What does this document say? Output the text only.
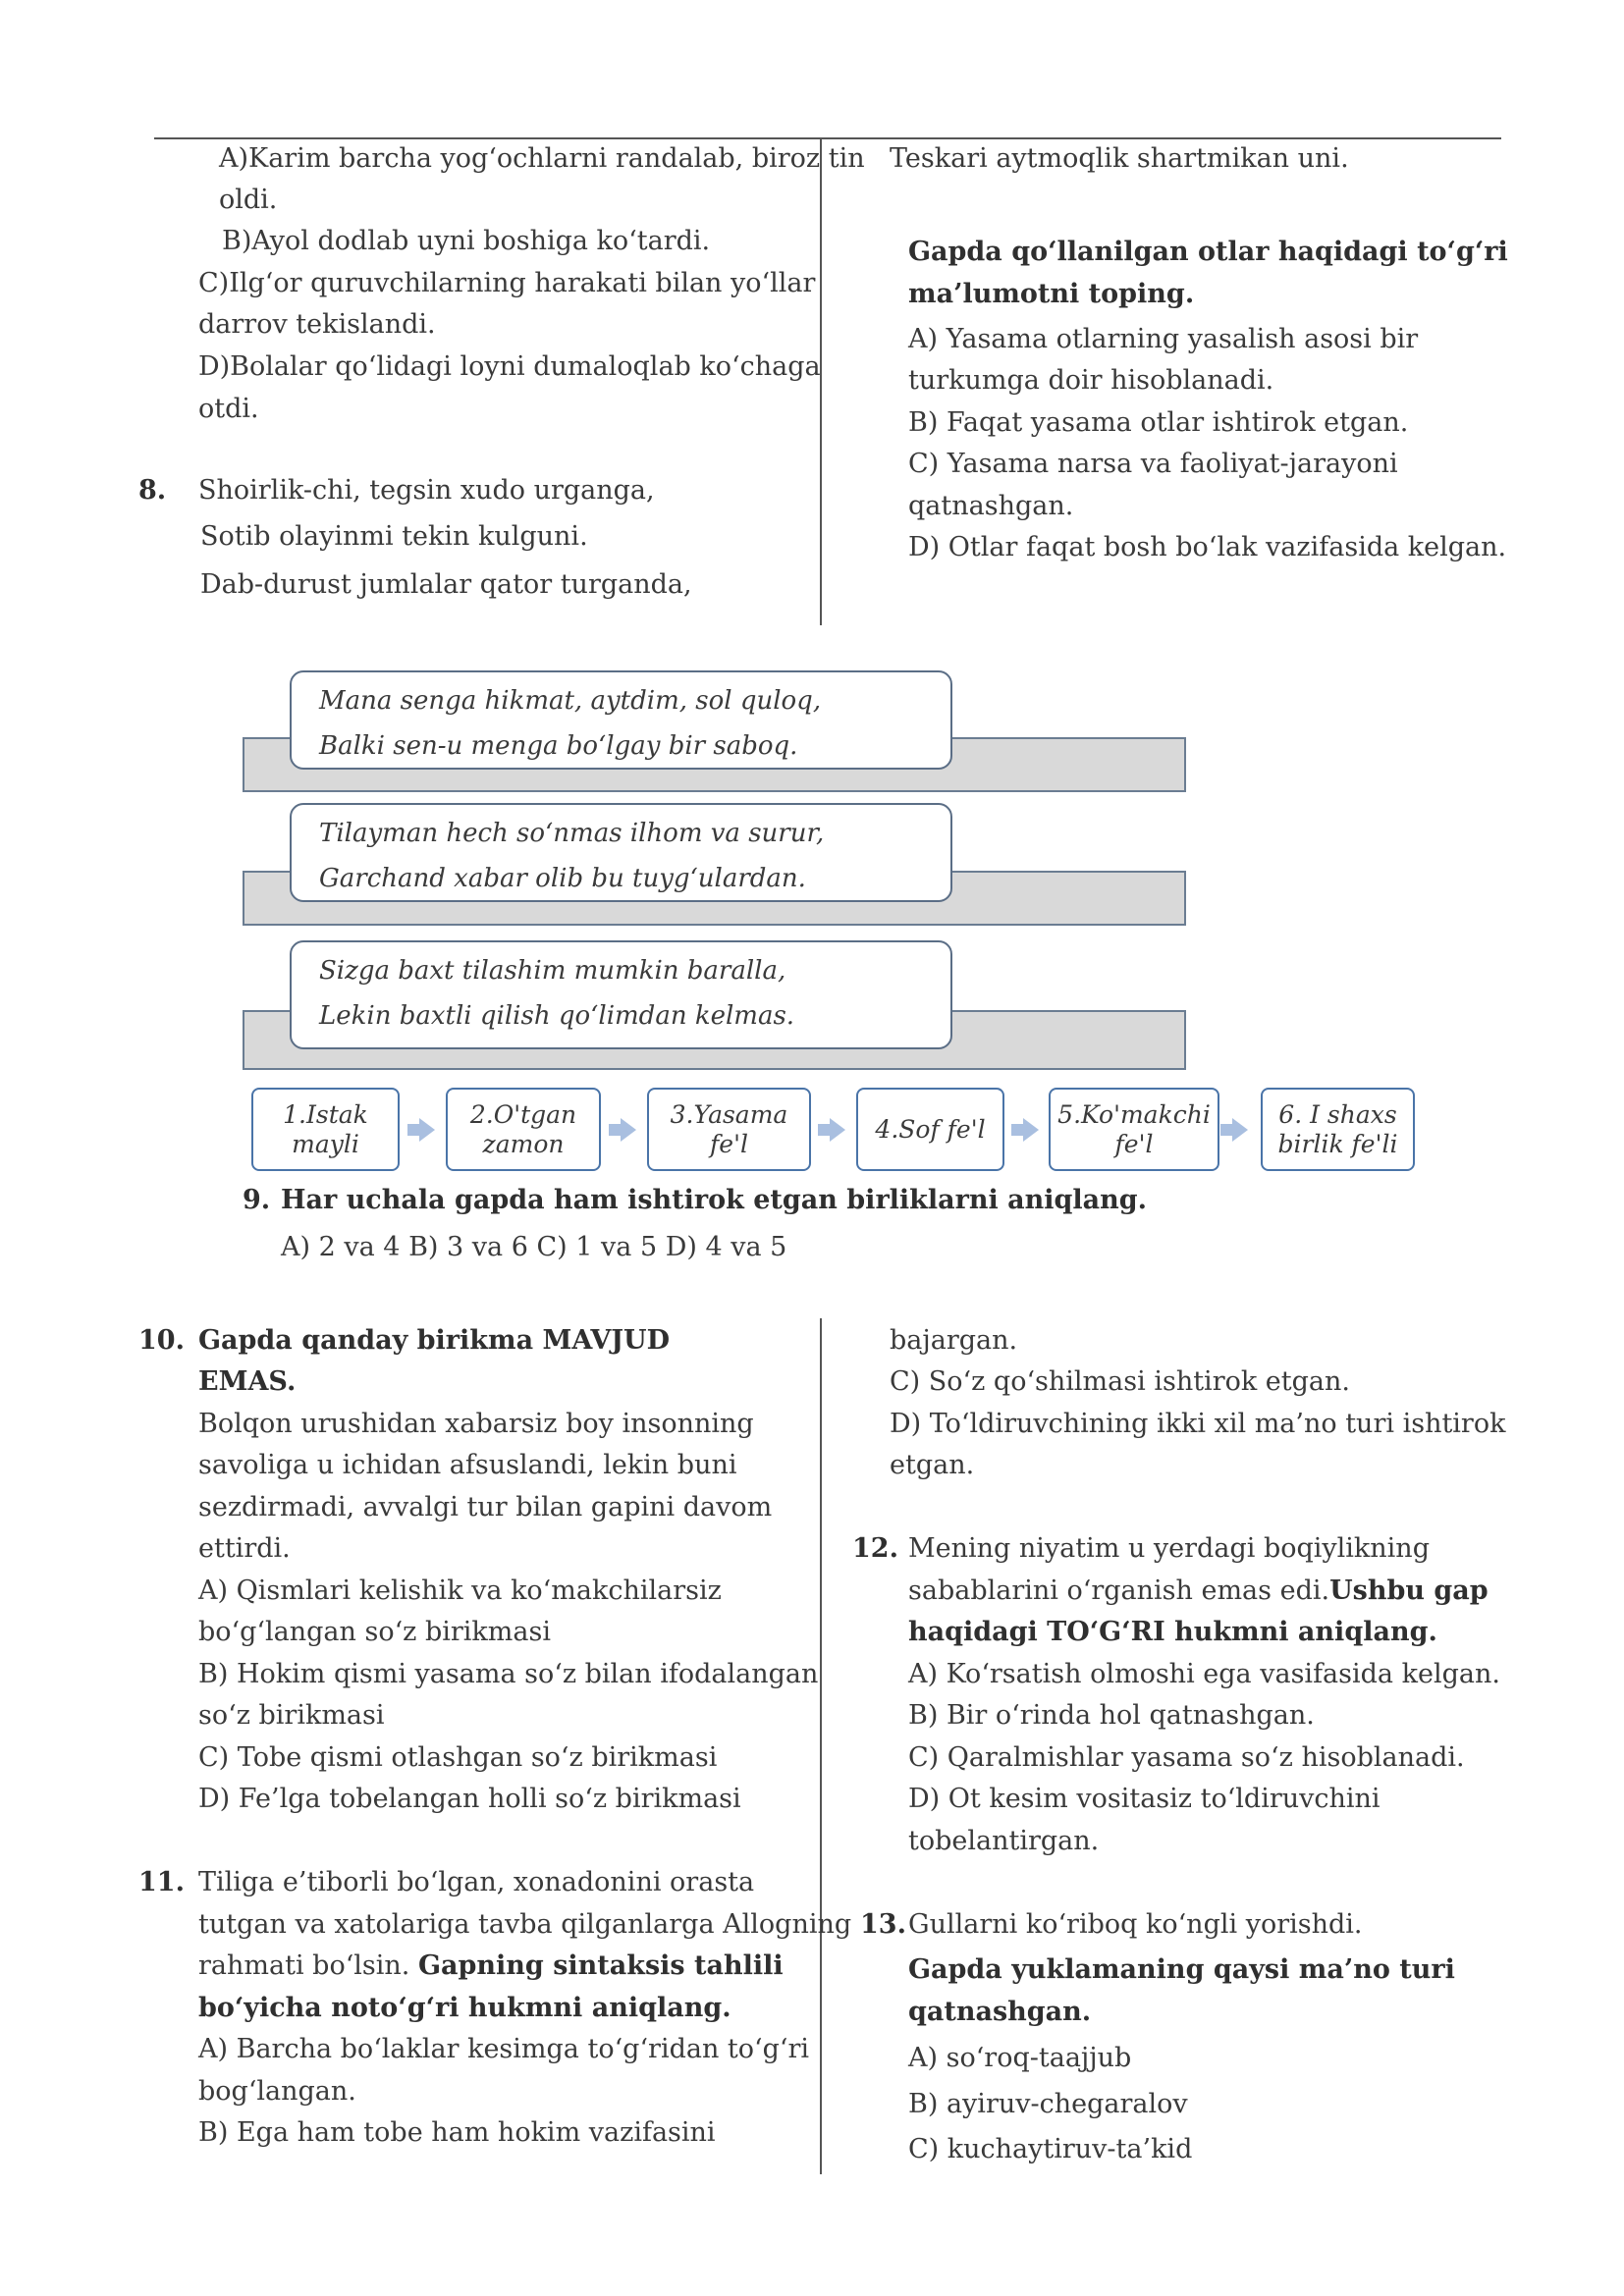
A)Karim barcha yog‘ochlarni randalab, biroz tin
oldi.
B)Ayol dodlab uyni boshiga ko‘tardi.
C)Ilg‘or quruvchilarning harakati bilan yo‘llar
darrov tekislandi.
D)Bolalar qo‘lidagi loyni dumaloqlab ko‘chaga
otdi.
8. Shoirlik-chi, tegsin xudo urganga,
Sotib olayinmi tekin kulguni.
Dab-durust jumlalar qator turganda,
Teskari aytmoqlik shartmikan uni.
Gapda qo‘llanilgan otlar haqidagi to‘g‘ri
ma’lumotni toping.
A) Yasama otlarning yasalish asosi bir
turkumga doir hisoblanadi.
B) Faqat yasama otlar ishtirok etgan.
C) Yasama narsa va faoliyat-jarayoni
qatnashgan.
D) Otlar faqat bosh bo‘lak vazifasida kelgan.
Mana senga hikmat, aytdim, sol quloq,
Balki sen-u menga bo‘lgay bir saboq.
Tilayman hech so‘nmas ilhom va surur,
Garchand xabar olib bu tuyg‘ulardan.
Sizga baxt tilashim mumkin baralla,
Lekin baxtli qilish qo‘limdan kelmas.
1.Istak
mayli
2.O'tgan
zamon
3.Yasama fe'l
4.Sof fe'l
5.Ko'makchi
fe'l
6. I shaxs
birlik fe'li
9. Har uchala gapda ham ishtirok etgan birliklarni aniqlang.
A) 2 va 4 B) 3 va 6 C) 1 va 5 D) 4 va 5
10. Gapda qanday birikma MAVJUD
EMAS.
Bolqon urushidan xabarsiz boy insonning
savoliga u ichidan afsuslandi, lekin buni
sezdirmadi, avvalgi tur bilan gapini davom
ettirdi.
A) Qismlari kelishik va ko‘makchilarsiz
bo‘g‘langan so‘z birikmasi
B) Hokim qismi yasama so‘z bilan ifodalangan
so‘z birikmasi
C) Tobe qismi otlashgan so‘z birikmasi
D) Fe’lga tobelangan holli so‘z birikmasi
11. Tiliga e’tiborli bo‘lgan, xonadonini orasta
tutgan va xatolariga tavba qilganlarga Allogning
rahmati bo‘lsin. Gapning sintaksis tahlili
bo‘yicha noto‘g‘ri hukmni aniqlang.
A) Barcha bo‘laklar kesimga to‘g‘ridan to‘g‘ri
bog‘langan.
B) Ega ham tobe ham hokim vazifasini
bajargan.
C) So‘z qo‘shilmasi ishtirok etgan.
D) To‘ldiruvchining ikki xil ma’no turi ishtirok
etgan.
12. Mening niyatim u yerdagi boqiylikning
sabablarini o‘rganish emas edi.Ushbu gap
haqidagi TO‘G‘RI hukmni aniqlang.
A) Ko‘rsatish olmoshi ega vasifasida kelgan.
B) Bir o‘rinda hol qatnashgan.
C) Qaralmishlar yasama so‘z hisoblanadi.
D) Ot kesim vositasiz to‘ldiruvchini
tobelantirgan.
13. Gullarni ko‘riboq ko‘ngli yorishdi.
Gapda yuklamaning qaysi ma’no turi
qatnashgan.
A) so‘roq-taajjub
B) ayiruv-chegaralov
C) kuchaytiruv-ta’kid
